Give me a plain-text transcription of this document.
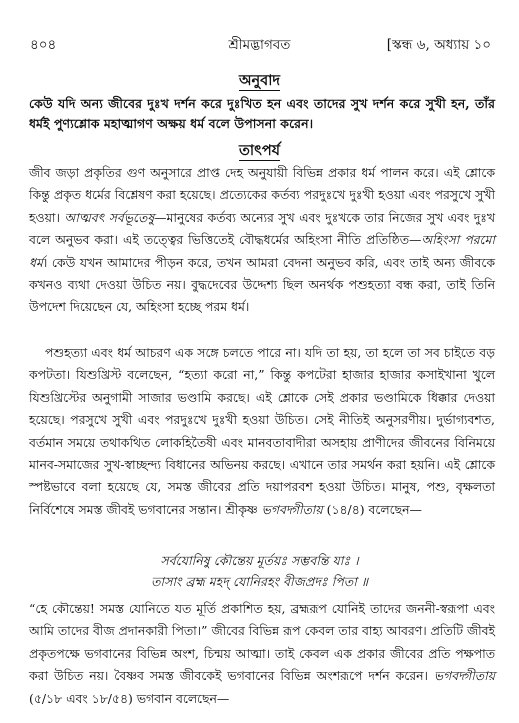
৪০৪	শ্রীমদ্ভাগবত	[স্কন্ধ ৬, অধ্যায় ১০
অনুবাদ
কেউ যদি অন্য জীবের দুঃখ দর্শন করে দুঃখিত হন এবং তাদের সুখ দর্শন করে সুখী হন, তাঁর ধর্মই পুণ্যশ্লোক মহাত্মাগণ অক্ষয় ধর্ম বলে উপাসনা করেন।
তাৎপর্য
জীব জড়া প্রকৃতির গুণ অনুসারে প্রাপ্ত দেহ অনুযায়ী বিভিন্ন প্রকার ধর্ম পালন করে। এই শ্লোকে কিন্তু প্রকৃত ধর্মের বিশ্লেষণ করা হয়েছে। প্রত্যেকের কর্তব্য পরদুঃখে দুঃখী হওয়া এবং পরসুখে সুখী হওয়া। আত্মবৎ সর্বভূতেষু—মানুষের কর্তব্য অন্যের সুখ এবং দুঃখকে তার নিজের সুখ এবং দুঃখ বলে অনুভব করা। এই তত্ত্বের ভিত্তিতেই বৌদ্ধধর্মের অহিংসা নীতি প্রতিষ্ঠিত—অহিংসা পরমো ধর্ম। কেউ যখন আমাদের পীড়ন করে, তখন আমরা বেদনা অনুভব করি, এবং তাই অন্য জীবকে কখনও ব্যথা দেওয়া উচিত নয়। বুদ্ধদেবের উদ্দেশ্য ছিল অনর্থক পশুহত্যা বন্ধ করা, তাই তিনি উপদেশ দিয়েছেন যে, অহিংসা হচ্ছে পরম ধর্ম।
পশুহত্যা এবং ধর্ম আচরণ এক সঙ্গে চলতে পারে না। যদি তা হয়, তা হলে তা সব চাইতে বড় কপটতা। যিশুখ্রিস্ট বলেছেন, “হত্যা করো না,” কিন্তু কপটেরা হাজার হাজার কসাইখানা খুলে যিশুখ্রিস্টের অনুগামী সাজার ভণ্ডামি করছে। এই শ্লোকে সেই প্রকার ভণ্ডামিকে ধিক্কার দেওয়া হয়েছে। পরসুখে সুখী এবং পরদুঃখে দুঃখী হওয়া উচিত। সেই নীতিই অনুসরণীয়। দুর্ভাগ্যবশত, বর্তমান সময়ে তথাকথিত লোকহিতৈষী এবং মানবতাবাদীরা অসহায় প্রাণীদের জীবনের বিনিময়ে মানব-সমাজের সুখ-স্বাচ্ছন্দ্য বিধানের অভিনয় করছে। এখানে তার সমর্থন করা হয়নি। এই শ্লোকে স্পষ্টভাবে বলা হয়েছে যে, সমস্ত জীবের প্রতি দয়াপরবশ হওয়া উচিত। মানুষ, পশু, বৃক্ষলতা নির্বিশেষে সমস্ত জীবই ভগবানের সন্তান। শ্রীকৃষ্ণ ভগবদ্গীতায় (১৪/৪) বলেছেন—
সর্বযোনিষু কৌন্তেয় মূর্তয়ঃ সম্ভবন্তি যাঃ ।
তাসাং ব্রহ্ম মহদ্ যোনিরহং বীজপ্রদঃ পিতা ॥
“হে কৌন্তেয়! সমস্ত যোনিতে যত মূর্তি প্রকাশিত হয়, ব্রহ্মরূপ যোনিই তাদের জননী-স্বরূপা এবং আমি তাদের বীজ প্রদানকারী পিতা।” জীবের বিভিন্ন রূপ কেবল তার বাহ্য আবরণ। প্রতিটি জীবই প্রকৃতপক্ষে ভগবানের বিভিন্ন অংশ, চিন্ময় আত্মা। তাই কেবল এক প্রকার জীবের প্রতি পক্ষপাত করা উচিত নয়। বৈষ্ণব সমস্ত জীবকেই ভগবানের বিভিন্ন অংশরূপে দর্শন করেন। ভগবদ্গীতায় (৫/১৮ এবং ১৮/৫৪) ভগবান বলেছেন—
